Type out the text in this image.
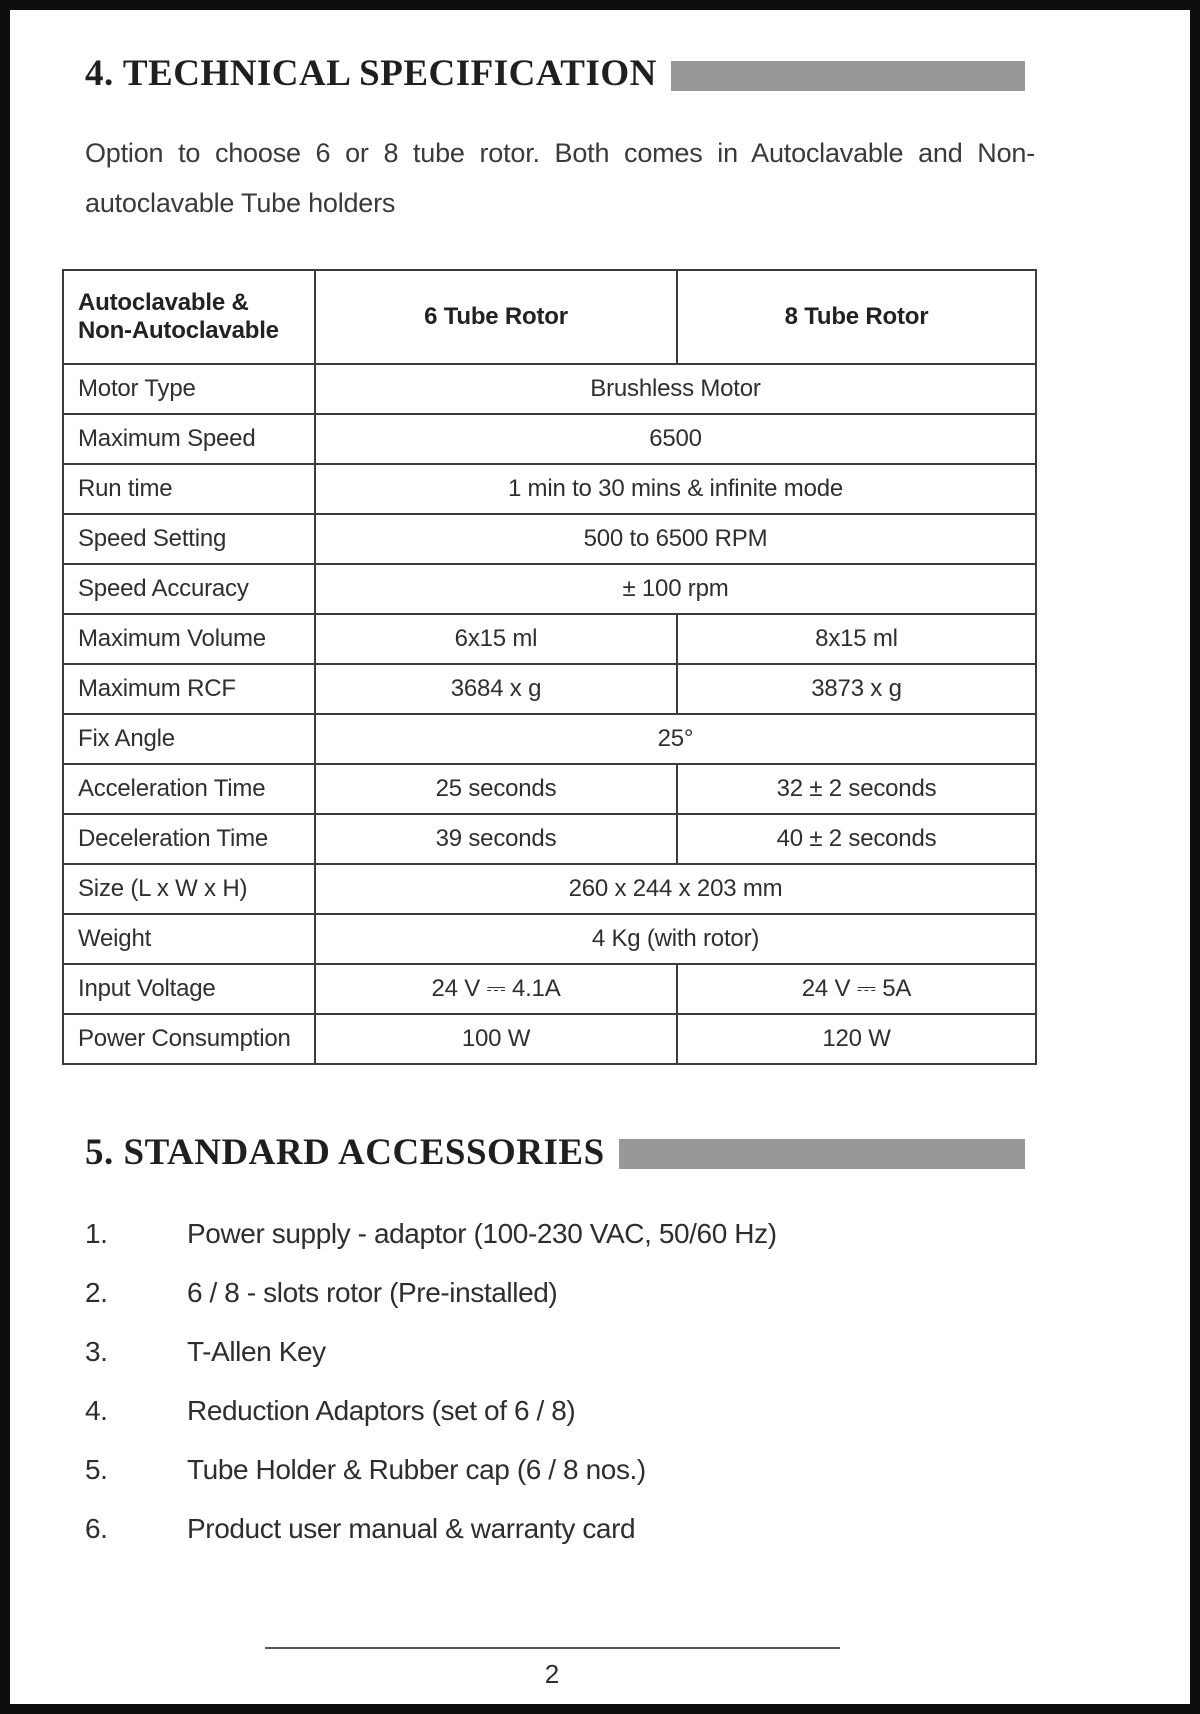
4. TECHNICAL SPECIFICATION

Option to choose 6 or 8 tube rotor. Both comes in Autoclavable and Non-autoclavable Tube holders

Autoclavable & Non-Autoclavable	6 Tube Rotor	8 Tube Rotor
Motor Type	Brushless Motor	
Maximum Speed	6500	
Run time	1 min to 30 mins & infinite mode	
Speed Setting	500 to 6500 RPM	
Speed Accuracy	± 100 rpm	
Maximum Volume	6x15 ml	8x15 ml
Maximum RCF	3684 x g	3873 x g
Fix Angle	25°	
Acceleration Time	25 seconds	32 ± 2 seconds
Deceleration Time	39 seconds	40 ± 2 seconds
Size (L x W x H)	260 x 244 x 203 mm	
Weight	4 Kg (with rotor)	
Input Voltage	24 V ⎓ 4.1A	24 V ⎓ 5A
Power Consumption	100 W	120 W
5. STANDARD ACCESSORIES
1.	Power supply - adaptor (100-230 VAC, 50/60 Hz)
2.	6 / 8 - slots rotor (Pre-installed)
3.	T-Allen Key
4.	Reduction Adaptors (set of 6 / 8)
5.	Tube Holder & Rubber cap (6 / 8 nos.)
6.	Product user manual & warranty card
2
